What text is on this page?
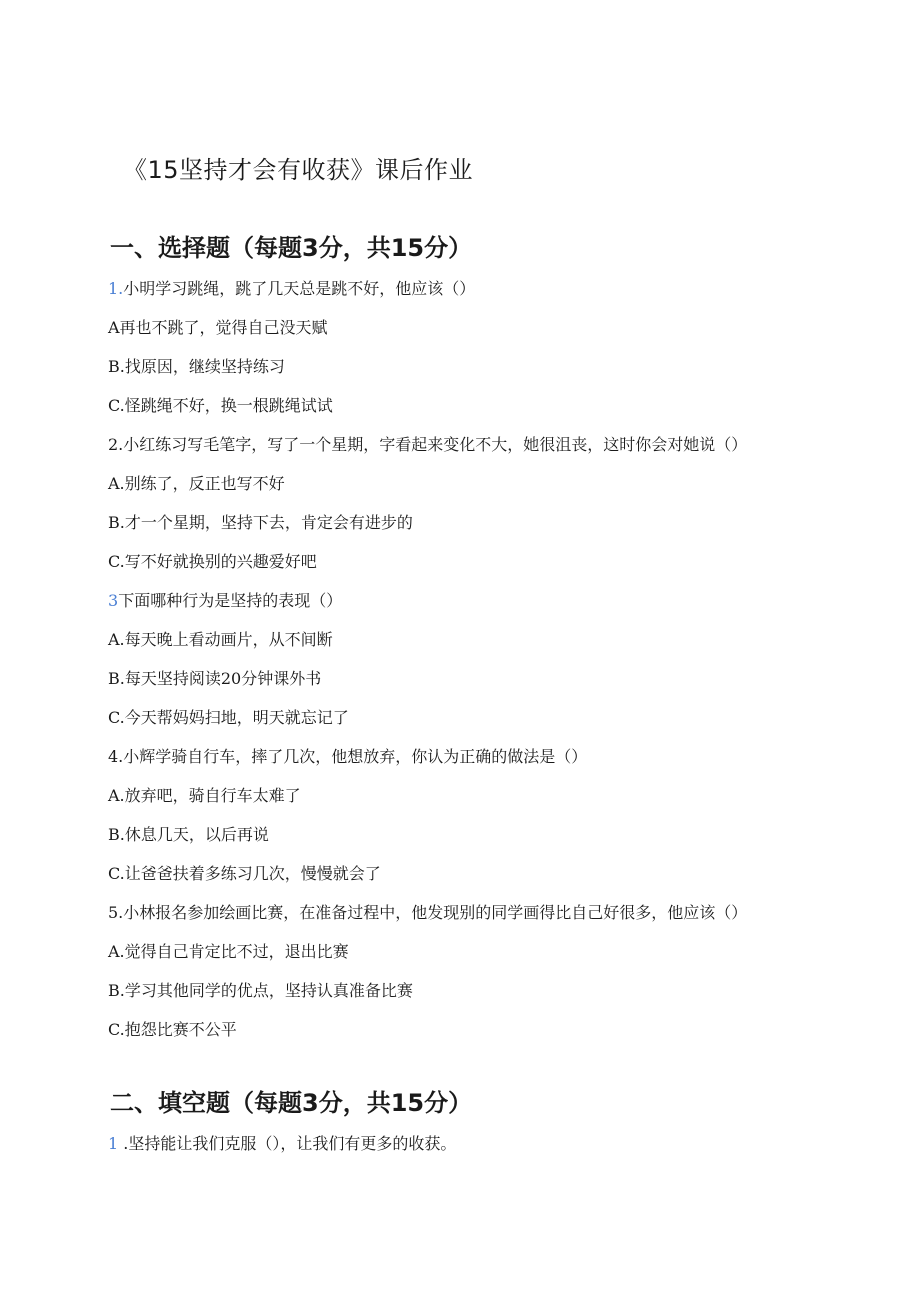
《15坚持才会有收获》课后作业
一、选择题（每题3分，共15分）
1.小明学习跳绳，跳了几天总是跳不好，他应该（）
A再也不跳了，觉得自己没天赋
B.找原因，继续坚持练习
C.怪跳绳不好，换一根跳绳试试
2.小红练习写毛笔字，写了一个星期，字看起来变化不大，她很沮丧，这时你会对她说（）
A.别练了，反正也写不好
B.才一个星期，坚持下去，肯定会有进步的
C.写不好就换别的兴趣爱好吧
3下面哪种行为是坚持的表现（）
A.每天晚上看动画片，从不间断
B.每天坚持阅读20分钟课外书
C.今天帮妈妈扫地，明天就忘记了
4.小辉学骑自行车，摔了几次，他想放弃，你认为正确的做法是（）
A.放弃吧，骑自行车太难了
B.休息几天，以后再说
C.让爸爸扶着多练习几次，慢慢就会了
5.小林报名参加绘画比赛，在准备过程中，他发现别的同学画得比自己好很多，他应该（）
A.觉得自己肯定比不过，退出比赛
B.学习其他同学的优点，坚持认真准备比赛
C.抱怨比赛不公平
二、填空题（每题3分，共15分）
1 .坚持能让我们克服（），让我们有更多的收获。
